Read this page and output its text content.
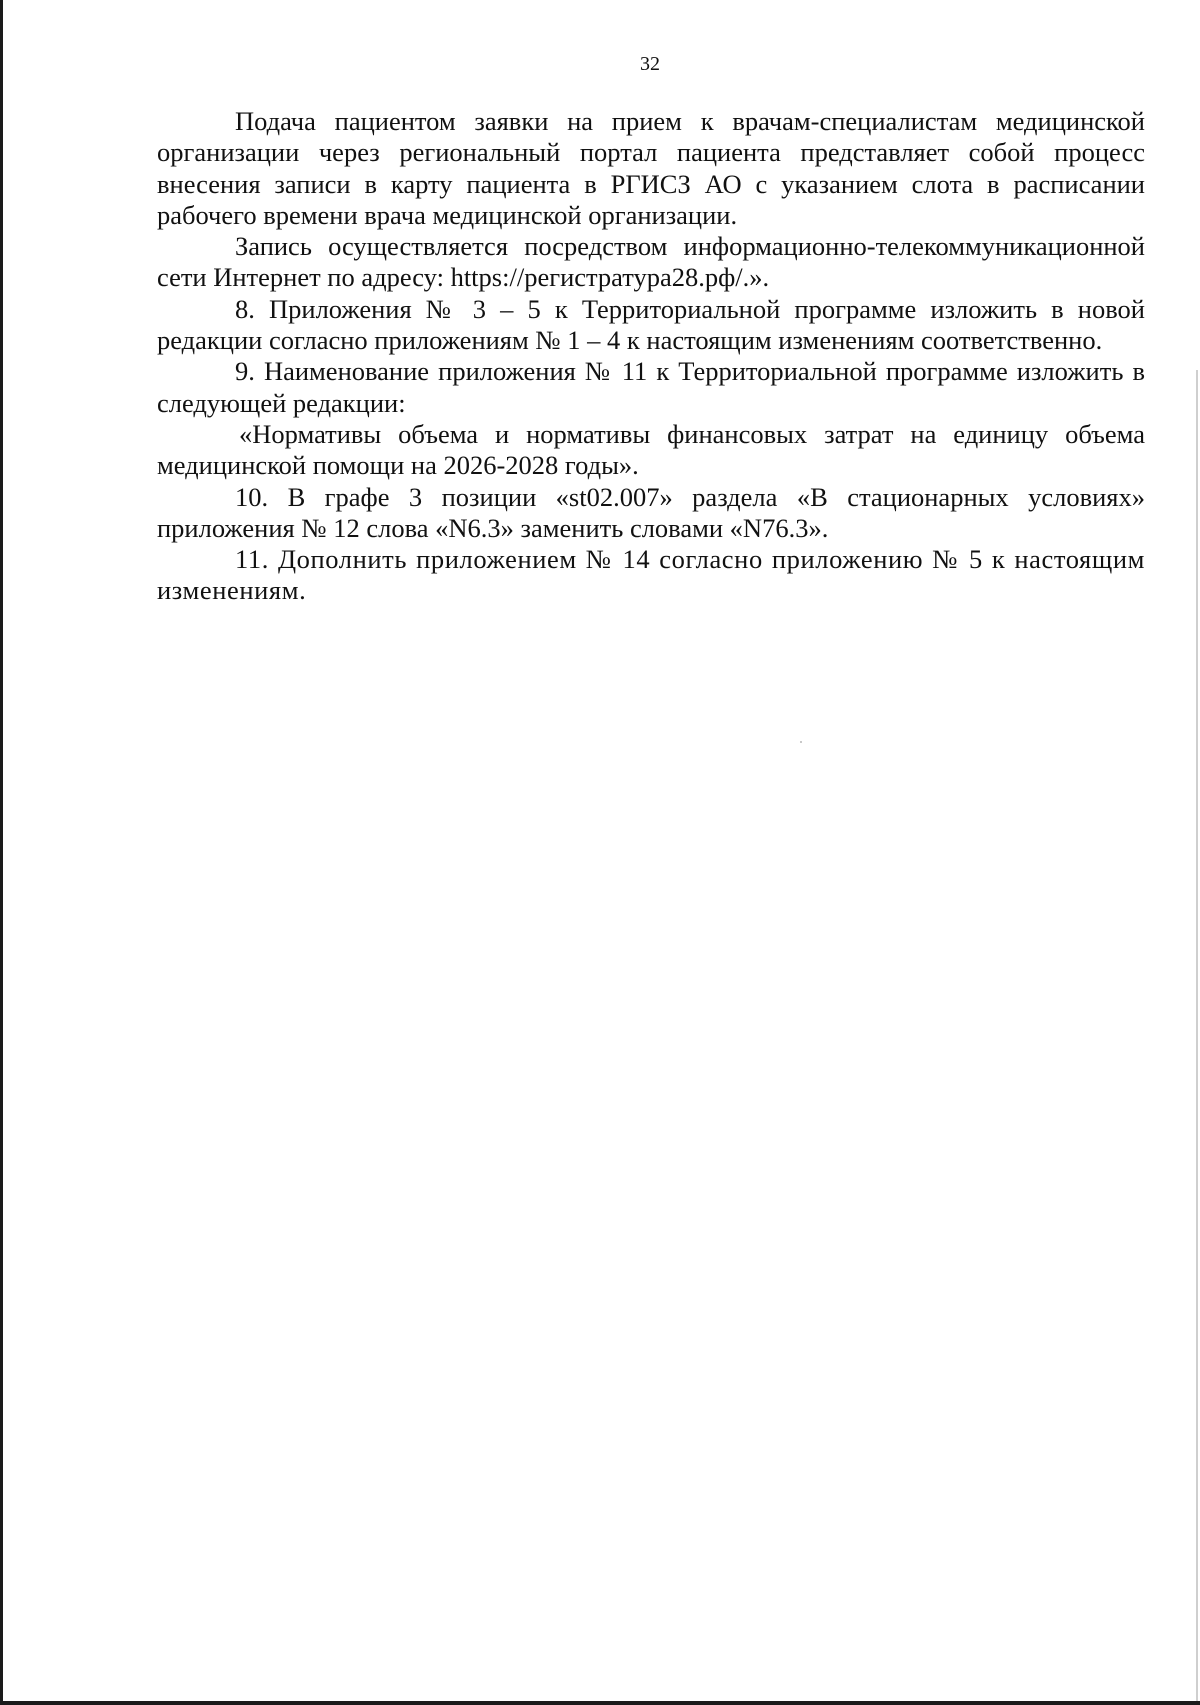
32

Подача пациентом заявки на прием к врачам-специалистам медицинской организации через региональный портал пациента представляет собой процесс внесения записи в карту пациента в РГИСЗ АО с указанием слота в расписании рабочего времени врача медицинской организации.

Запись осуществляется посредством информационно-телекоммуникационной сети Интернет по адресу: https://регистратура28.рф/.».

8. Приложения № 3 – 5 к Территориальной программе изложить в новой редакции согласно приложениям № 1 – 4 к настоящим изменениям соответственно.

9. Наименование приложения № 11 к Территориальной программе изложить в следующей редакции:

«Нормативы объема и нормативы финансовых затрат на единицу объема медицинской помощи на 2026-2028 годы».

10. В графе 3 позиции «st02.007» раздела «В стационарных условиях» приложения № 12 слова «N6.3» заменить словами «N76.3».

11. Дополнить приложением № 14 согласно приложению № 5 к настоящим изменениям.
